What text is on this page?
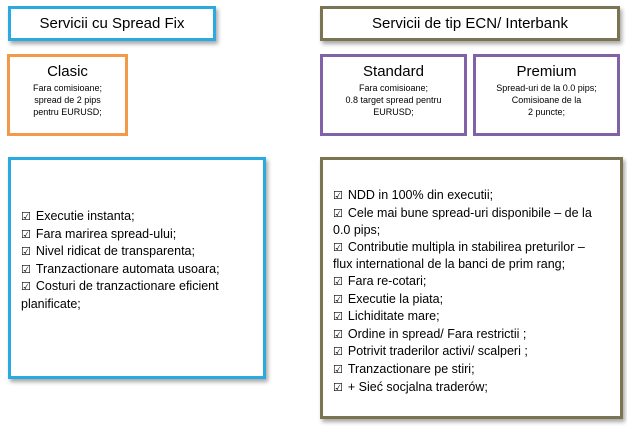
Servicii cu Spread Fix	Servicii de tip ECN/ Interbank
Clasic
Fara comisioane;
spread de 2 pips
pentru EURUSD;
Standard
Fara comisioane;
0.8 target spread pentru
EURUSD;
Premium
Spread-uri de la 0.0 pips;
Comisioane de la
2 puncte;
☑ Executie instanta;
☑ Fara marirea spread-ului;
☑ Nivel ridicat de transparenta;
☑ Tranzactionare automata usoara;
☑ Costuri de tranzactionare eficient
planificate;
☑ NDD in 100% din executii;
☑ Cele mai bune spread-uri disponibile – de la
0.0 pips;
☑ Contributie multipla in stabilirea preturilor –
flux international de la banci de prim rang;
☑ Fara re-cotari;
☑ Executie la piata;
☑ Lichiditate mare;
☑ Ordine in spread/ Fara restrictii ;
☑ Potrivit traderilor activi/ scalperi ;
☑ Tranzactionare pe stiri;
☑ + Sieć socjalna traderów;
